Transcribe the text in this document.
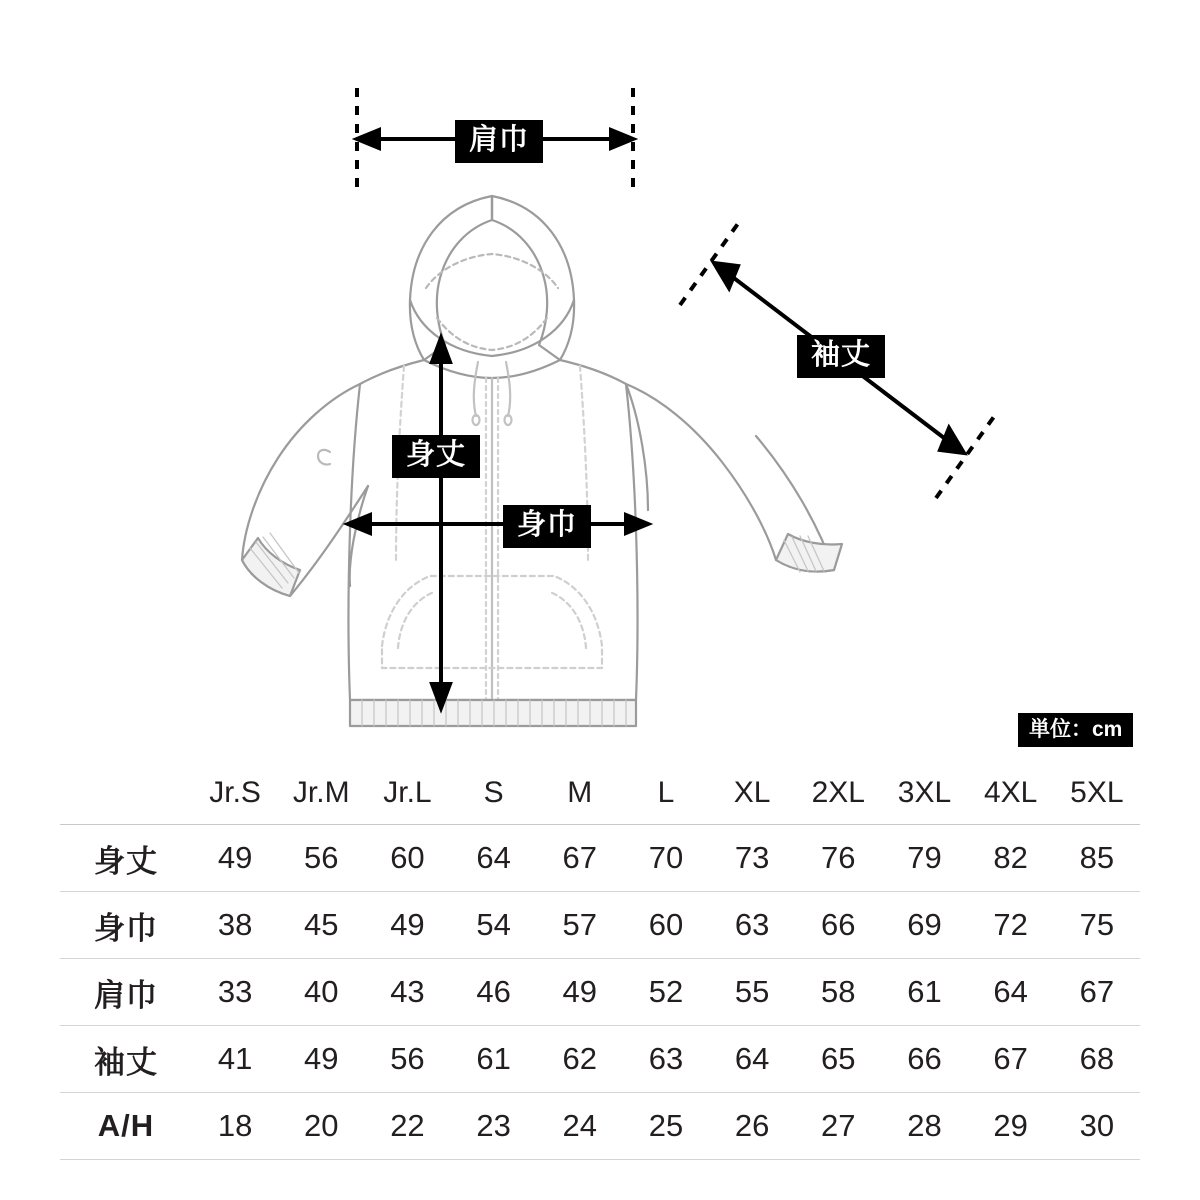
肩巾
袖丈
身丈
身巾
単位：cm
	Jr.S	Jr.M	Jr.L	S	M	L	XL	2XL	3XL	4XL	5XL
身丈	49	56	60	64	67	70	73	76	79	82	85
身巾	38	45	49	54	57	60	63	66	69	72	75
肩巾	33	40	43	46	49	52	55	58	61	64	67
袖丈	41	49	56	61	62	63	64	65	66	67	68
A/H	18	20	22	23	24	25	26	27	28	29	30
